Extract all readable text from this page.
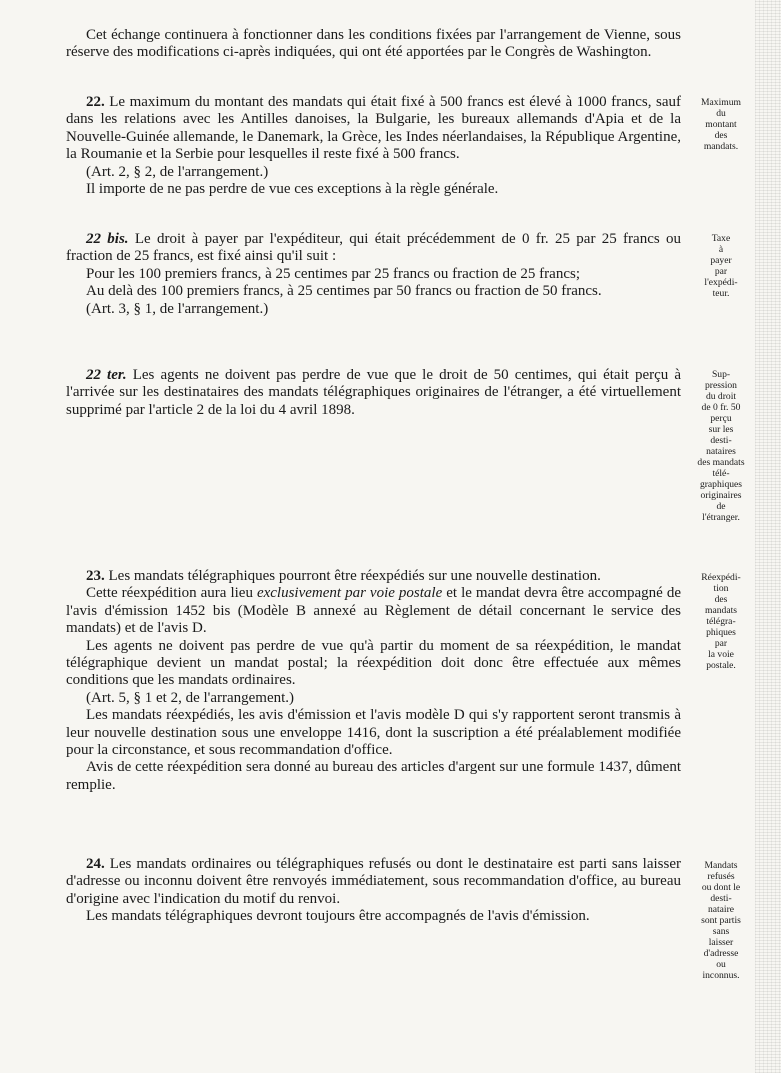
Cet échange continuera à fonctionner dans les conditions fixées par l'arrangement de Vienne, sous réserve des modifications ci-après indiquées, qui ont été apportées par le Congrès de Washington.

22. Le maximum du montant des mandats qui était fixé à 500 francs est élevé à 1000 francs, sauf dans les relations avec les Antilles danoises, la Bulgarie, les bureaux allemands d'Apia et de la Nouvelle-Guinée allemande, le Danemark, la Grèce, les Indes néerlandaises, la République Argentine, la Roumanie et la Serbie pour lesquelles il reste fixé à 500 francs.

(Art. 2, § 2, de l'arrangement.)

Il importe de ne pas perdre de vue ces exceptions à la règle générale.

Maximum
du
montant
des
mandats.

22 bis. Le droit à payer par l'expéditeur, qui était précédemment de 0 fr. 25 par 25 francs ou fraction de 25 francs, est fixé ainsi qu'il suit :

Pour les 100 premiers francs, à 25 centimes par 25 francs ou fraction de 25 francs;

Au delà des 100 premiers francs, à 25 centimes par 50 francs ou fraction de 50 francs.

(Art. 3, § 1, de l'arrangement.)

Taxe
à
payer
par
l'expédi-
teur.

22 ter. Les agents ne doivent pas perdre de vue que le droit de 50 centimes, qui était perçu à l'arrivée sur les destinataires des mandats télégraphiques originaires de l'étranger, a été virtuellement supprimé par l'article 2 de la loi du 4 avril 1898.

Sup-
pression
du droit
de 0 fr. 50
perçu
sur les
desti-
nataires
des mandats
télé-
graphiques
originaires
de
l'étranger.

23. Les mandats télégraphiques pourront être réexpédiés sur une nouvelle destination.

Cette réexpédition aura lieu exclusivement par voie postale et le mandat devra être accompagné de l'avis d'émission 1452 bis (Modèle B annexé au Règlement de détail concernant le service des mandats) et de l'avis D.

Les agents ne doivent pas perdre de vue qu'à partir du moment de sa réexpédition, le mandat télégraphique devient un mandat postal; la réexpédition doit donc être effectuée aux mêmes conditions que les mandats ordinaires.

(Art. 5, § 1 et 2, de l'arrangement.)

Les mandats réexpédiés, les avis d'émission et l'avis modèle D qui s'y rapportent seront transmis à leur nouvelle destination sous une enveloppe 1416, dont la suscription a été préalablement modifiée pour la circonstance, et sous recommandation d'office.

Avis de cette réexpédition sera donné au bureau des articles d'argent sur une formule 1437, dûment remplie.

Réexpédi-
tion
des
mandats
télégra-
phiques
par
la voie
postale.

24. Les mandats ordinaires ou télégraphiques refusés ou dont le destinataire est parti sans laisser d'adresse ou inconnu doivent être renvoyés immédiatement, sous recommandation d'office, au bureau d'origine avec l'indication du motif du renvoi.

Les mandats télégraphiques devront toujours être accompagnés de l'avis d'émission.

Mandats
refusés
ou dont le
desti-
nataire
sont partis
sans
laisser
d'adresse
ou
inconnus.
